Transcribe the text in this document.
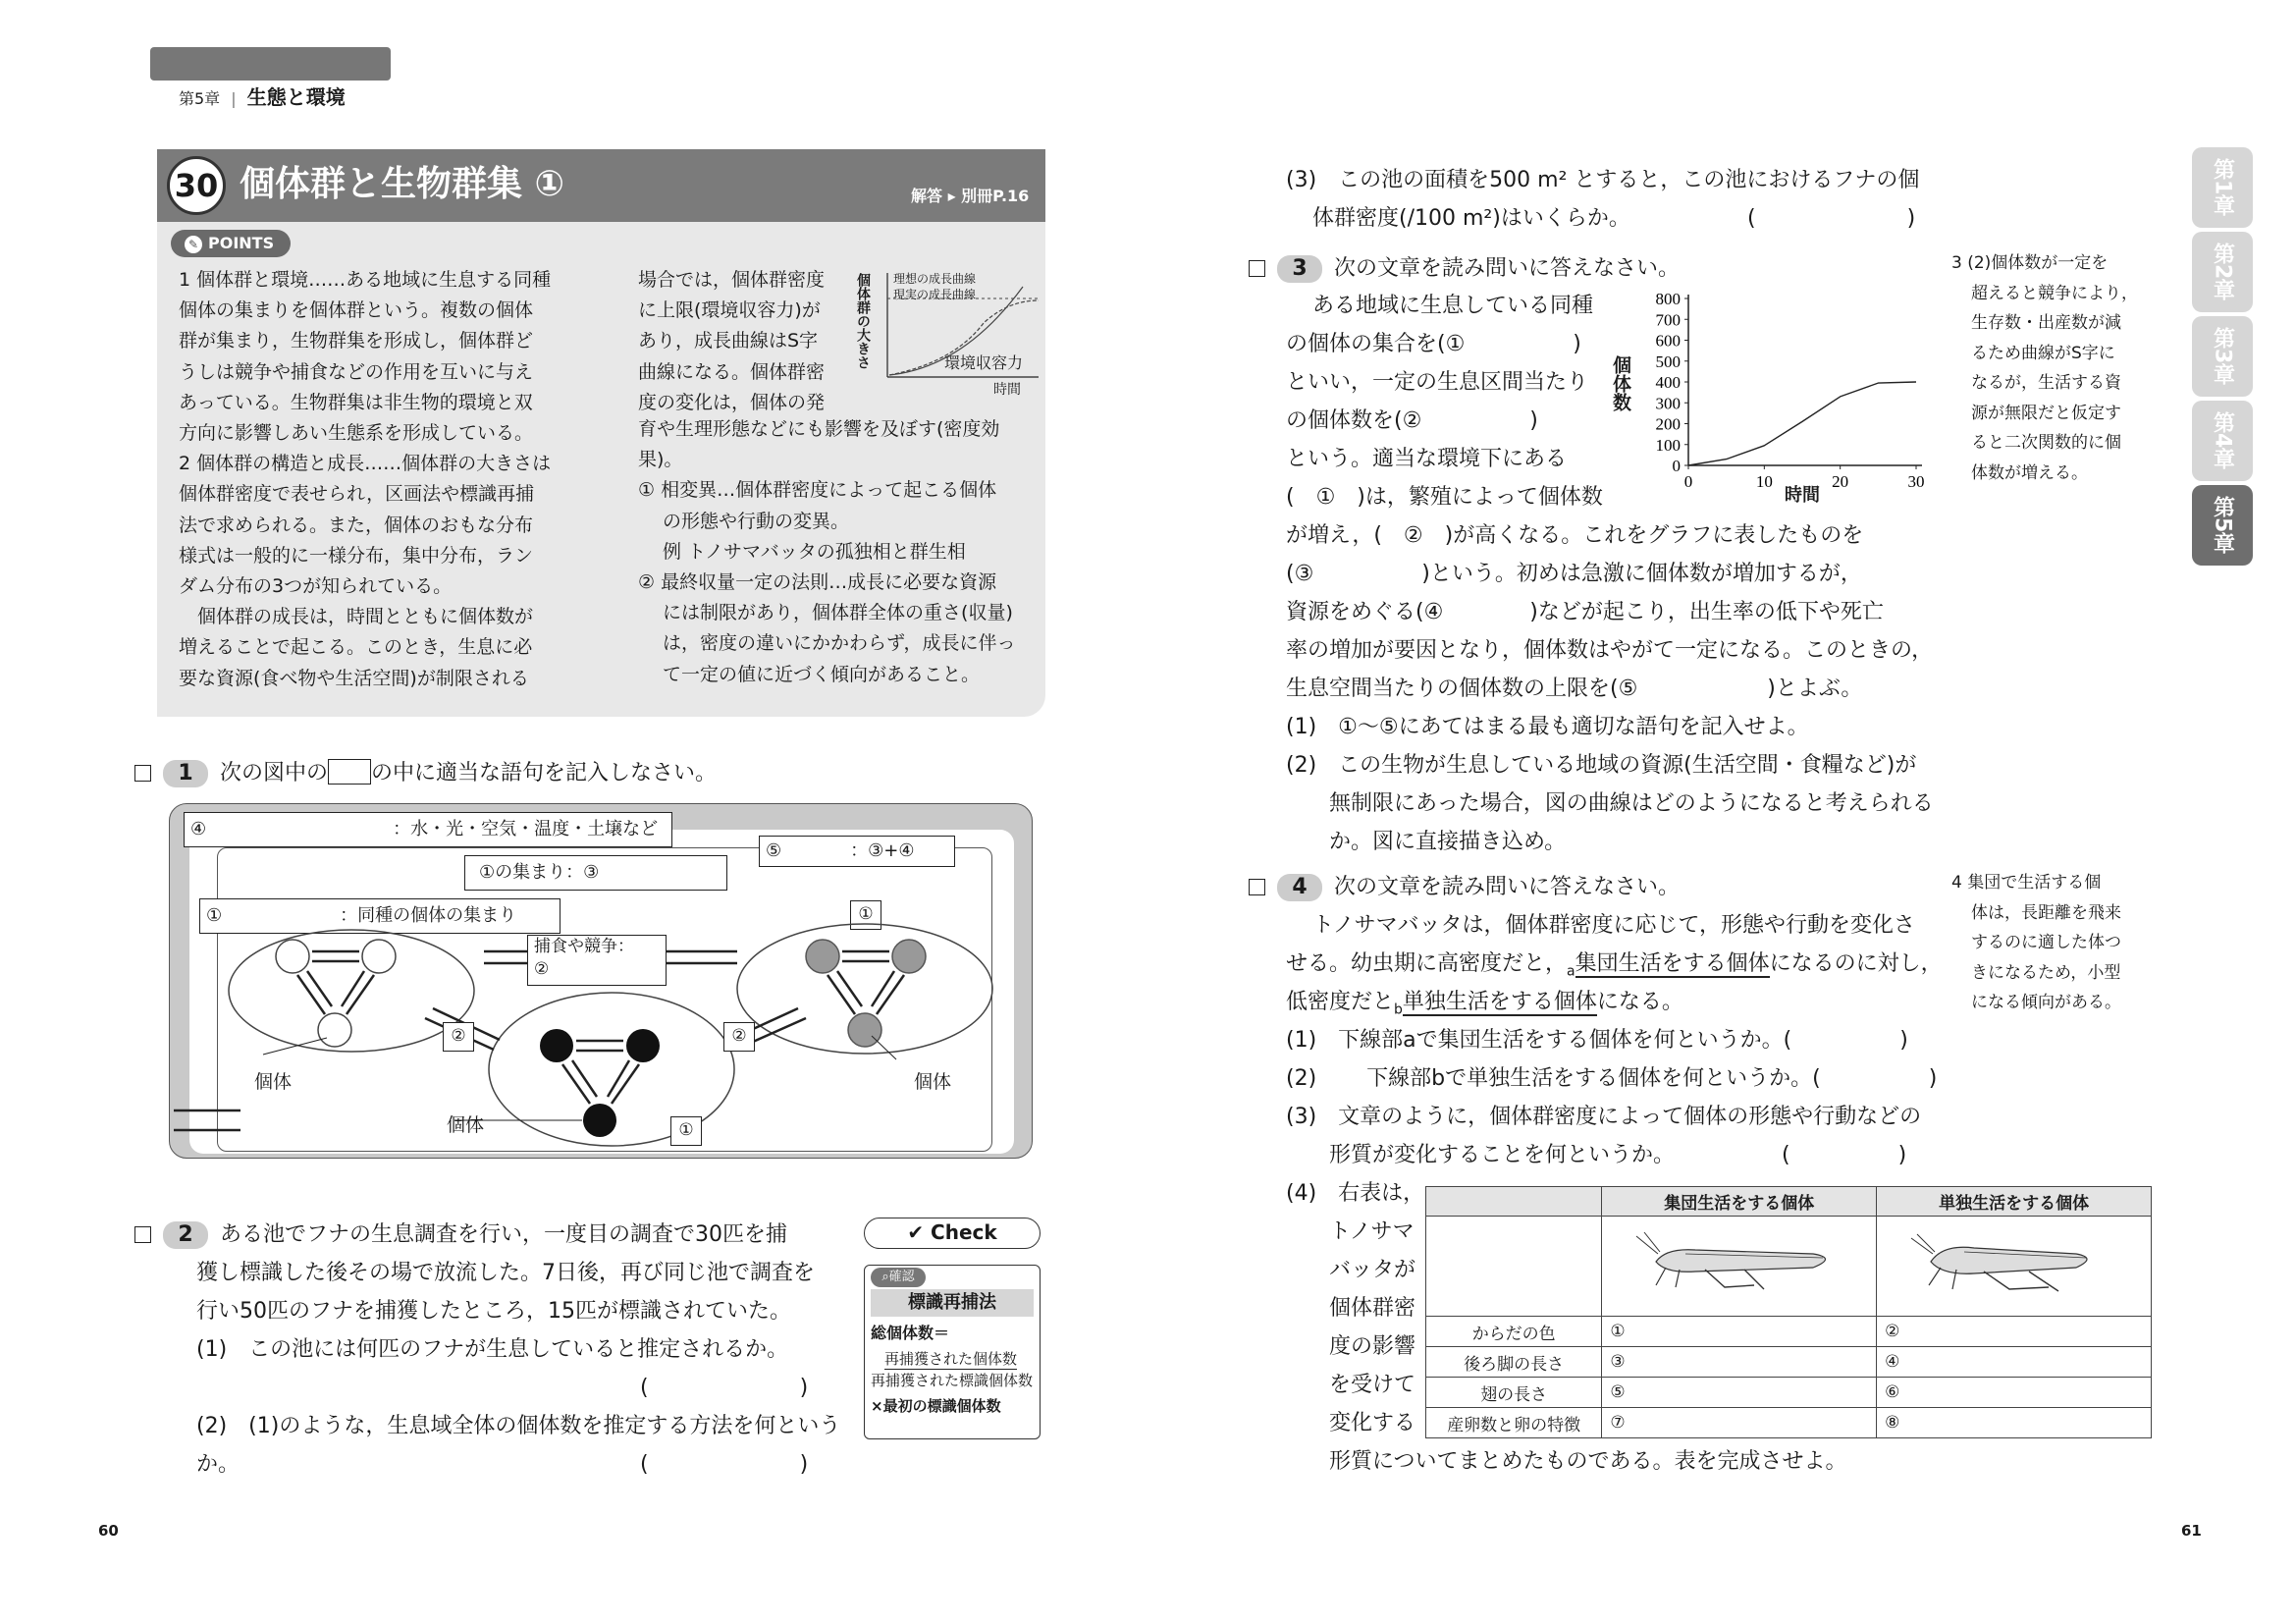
第5章 | 生態と環境
30 個体群と生物群集 ①	解答 ▸ 別冊P.16
✎ POINTS
1 個体群と環境……ある地域に生息する同種
個体の集まりを個体群という。複数の個体
群が集まり，生物群集を形成し，個体群ど
うしは競争や捕食などの作用を互いに与え
あっている。生物群集は非生物的環境と双
方向に影響しあい生態系を形成している。
2 個体群の構造と成長……個体群の大きさは
個体群密度で表せられ，区画法や標識再捕
法で求められる。また，個体のおもな分布
様式は一般的に一様分布，集中分布，ラン
ダム分布の3つが知られている。
　個体群の成長は，時間とともに個体数が
増えることで起こる。このとき，生息に必
要な資源(食べ物や生活空間)が制限される
場合では，個体群密度
に上限(環境収容力)が
あり，成長曲線はS字
曲線になる。個体群密
度の変化は，個体の発
育や生理形態などにも影響を及ぼす(密度効
果)。
① 相変異…個体群密度によって起こる個体
　 の形態や行動の変異。
　 例 トノサマバッタの孤独相と群生相
② 最終収量一定の法則…成長に必要な資源
　 には制限があり，個体群全体の重さ(収量)
　 は，密度の違いにかかわらず，成長に伴っ
　 て一定の値に近づく傾向があること。
個体群の大きさ 理想の成長曲線
現実の成長曲線
環境収容力
時間
1 次の図中の の中に適当な語句を記入しなさい。
④	：水・光・空気・温度・土壌など
⑤	：③+④
①の集まり：③
①	：同種の個体の集まり	①
捕食や競争：
②
②	②
①
個体
個体
個体
2 ある池でフナの生息調査を行い，一度目の調査で30匹を捕
獲し標識した後その場で放流した。7日後，再び同じ池で調査を
行い50匹のフナを捕獲したところ，15匹が標識されていた。
(1)　この池には何匹のフナが生息していると推定されるか。
(　　　　　　　)
(2)　(1)のような，生息域全体の個体数を推定する方法を何という
か。	(　　　　　　　)
✔ Check
⌕確認
標識再捕法
総個体数＝
再捕獲された個体数
再捕獲された標識個体数
×最初の標識個体数
60
(3)　この池の面積を500 m² とすると，この池におけるフナの個
体群密度(/100 m²)はいくらか。	(　　　　　　　)
3 次の文章を読み問いに答えなさい。
ある地域に生息している同種
の個体の集合を(①　　　　　)
といい，一定の生息区間当たり
の個体数を(②　　　　　)
という。適当な環境下にある
(　①　)は，繁殖によって個体数
が増え，(　②　)が高くなる。これをグラフに表したものを
(③　　　　　)という。初めは急激に個体数が増加するが，
資源をめぐる(④　　　　)などが起こり，出生率の低下や死亡
率の増加が要因となり，個体数はやがて一定になる。このときの，
生息空間当たりの個体数の上限を(⑤　　　　　　)とよぶ。
(1)　①～⑤にあてはまる最も適切な語句を記入せよ。
(2)　この生物が生息している地域の資源(生活空間・食糧など)が
　　無制限にあった場合，図の曲線はどのようになると考えられる
　　か。図に直接描き込め。
0
100
200
300
400
500
600
700
800
0	10	20	30
個体数
時間
3 (2)個体数が一定を
超えると競争により，
生存数・出産数が減
るため曲線がS字に
なるが，生活する資
源が無限だと仮定す
ると二次関数的に個
体数が増える。
4 次の文章を読み問いに答えなさい。
トノサマバッタは，個体群密度に応じて，形態や行動を変化さ
せる。幼虫期に高密度だと，$_a$集団生活をする個体になるのに対し，
低密度だと$_b$単独生活をする個体になる。
(1)　下線部aで集団生活をする個体を何というか。(　　　　　)
(2)　　 下線部bで単独生活をする個体を何というか。(　　　　　)
(3)　文章のように，個体群密度によって個体の形態や行動などの
　　形質が変化することを何というか。	(　　　　　)
(4)　右表は，
　　トノサマ
　　バッタが
　　個体群密
　　度の影響
　　を受けて
　　変化する
　　形質についてまとめたものである。表を完成させよ。
4 集団で生活する個
体は，長距離を飛来
するのに適した体つ
きになるため，小型
になる傾向がある。
	集団生活をする個体	単独生活をする個体

からだの色	①	②
後ろ脚の長さ	③	④
翅の長さ	⑤	⑥
産卵数と卵の特徴	⑦	⑧
第1章
第2章
第3章
第4章
第5章
61
